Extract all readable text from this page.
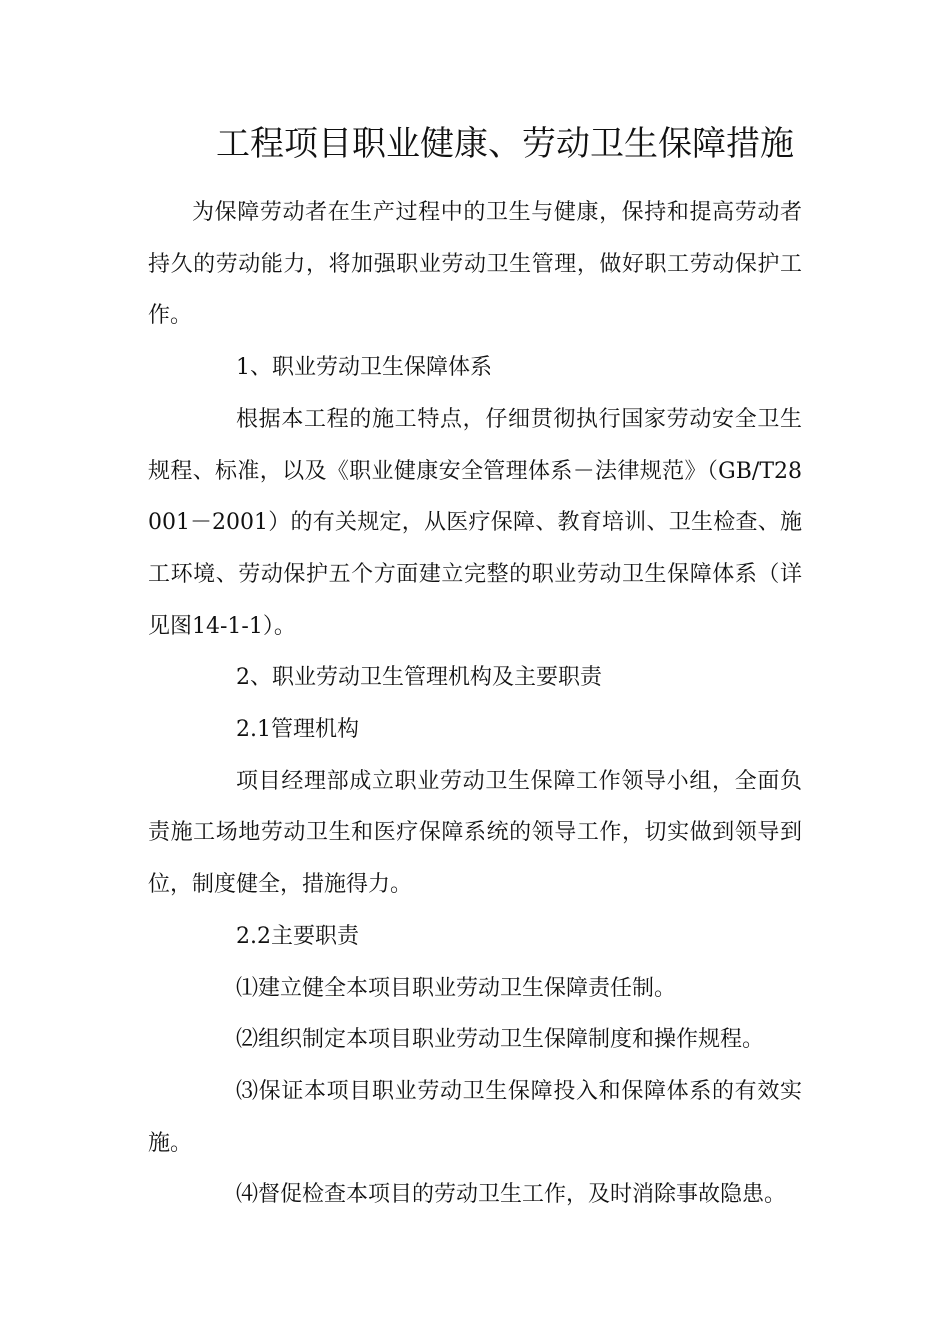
工程项目职业健康、劳动卫生保障措施

为保障劳动者在生产过程中的卫生与健康，保持和提高劳动者持久的劳动能力，将加强职业劳动卫生管理，做好职工劳动保护工作。

1、职业劳动卫生保障体系

根据本工程的施工特点，仔细贯彻执行国家劳动安全卫生规程、标准，以及《职业健康安全管理体系－法律规范》（GB/T28001－2001）的有关规定，从医疗保障、教育培训、卫生检查、施工环境、劳动保护五个方面建立完整的职业劳动卫生保障体系（详见图14-1-1）。

2、职业劳动卫生管理机构及主要职责

2.1管理机构

项目经理部成立职业劳动卫生保障工作领导小组，全面负责施工场地劳动卫生和医疗保障系统的领导工作，切实做到领导到位，制度健全，措施得力。

2.2主要职责

⑴建立健全本项目职业劳动卫生保障责任制。

⑵组织制定本项目职业劳动卫生保障制度和操作规程。

⑶保证本项目职业劳动卫生保障投入和保障体系的有效实施。

⑷督促检查本项目的劳动卫生工作，及时消除事故隐患。
